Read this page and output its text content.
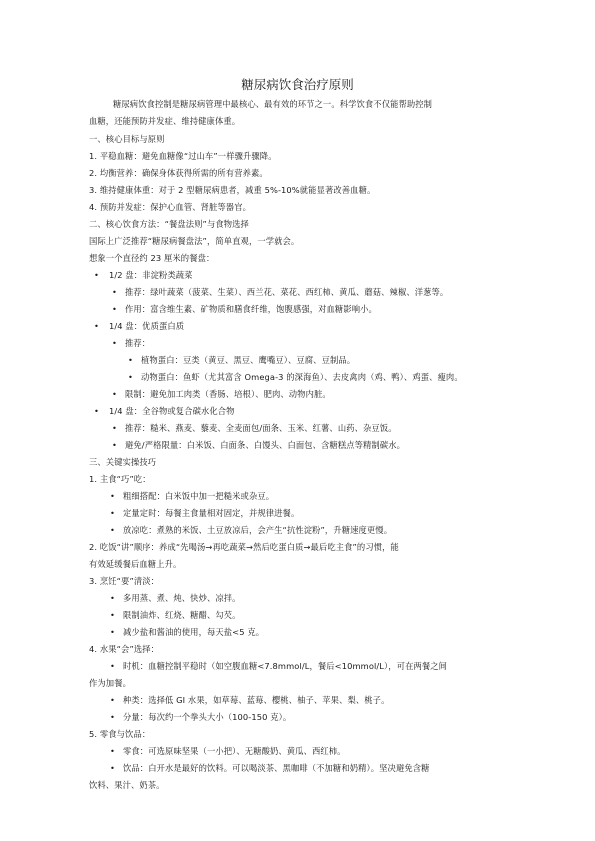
糖尿病饮食治疗原则
糖尿病饮食控制是糖尿病管理中最核心、最有效的环节之一。科学饮食不仅能帮助控制
血糖，还能预防并发症、维持健康体重。
一、核心目标与原则
1. 平稳血糖：避免血糖像“过山车”一样骤升骤降。
2. 均衡营养：确保身体获得所需的所有营养素。
3. 维持健康体重：对于 2 型糖尿病患者，减重 5%-10%就能显著改善血糖。
4. 预防并发症：保护心血管、肾脏等器官。
二、核心饮食方法：“餐盘法则”与食物选择
国际上广泛推荐“糖尿病餐盘法”，简单直观，一学就会。
想象一个直径约 23 厘米的餐盘：
• 1/2 盘：非淀粉类蔬菜
• 推荐：绿叶蔬菜（菠菜、生菜）、西兰花、菜花、西红柿、黄瓜、蘑菇、辣椒、洋葱等。
• 作用：富含维生素、矿物质和膳食纤维，饱腹感强，对血糖影响小。
• 1/4 盘：优质蛋白质
• 推荐：
• 植物蛋白：豆类（黄豆、黑豆、鹰嘴豆）、豆腐、豆制品。
• 动物蛋白：鱼虾（尤其富含 Omega-3 的深海鱼）、去皮禽肉（鸡、鸭）、鸡蛋、瘦肉。
• 限制：避免加工肉类（香肠、培根）、肥肉、动物内脏。
• 1/4 盘：全谷物或复合碳水化合物
• 推荐：糙米、燕麦、藜麦、全麦面包/面条、玉米、红薯、山药、杂豆饭。
• 避免/严格限量：白米饭、白面条、白馒头、白面包、含糖糕点等精制碳水。
三、关键实操技巧
1. 主食“巧”吃：
• 粗细搭配：白米饭中加一把糙米或杂豆。
• 定量定时：每餐主食量相对固定，并规律进餐。
• 放凉吃：煮熟的米饭、土豆放凉后，会产生“抗性淀粉”，升糖速度更慢。
2. 吃饭“讲”顺序：养成“先喝汤→再吃蔬菜→然后吃蛋白质→最后吃主食”的习惯，能
有效延缓餐后血糖上升。
3. 烹饪“要”清淡：
• 多用蒸、煮、炖、快炒、凉拌。
• 限制油炸、红烧、糖醋、勾芡。
• 减少盐和酱油的使用，每天盐<5 克。
4. 水果“会”选择：
• 时机：血糖控制平稳时（如空腹血糖<7.8mmol/L，餐后<10mmol/L），可在两餐之间
作为加餐。
• 种类：选择低 GI 水果，如草莓、蓝莓、樱桃、柚子、苹果、梨、桃子。
• 分量：每次约一个拳头大小（100-150 克）。
5. 零食与饮品：
• 零食：可选原味坚果（一小把）、无糖酸奶、黄瓜、西红柿。
• 饮品：白开水是最好的饮料。可以喝淡茶、黑咖啡（不加糖和奶精）。坚决避免含糖
饮料、果汁、奶茶。
